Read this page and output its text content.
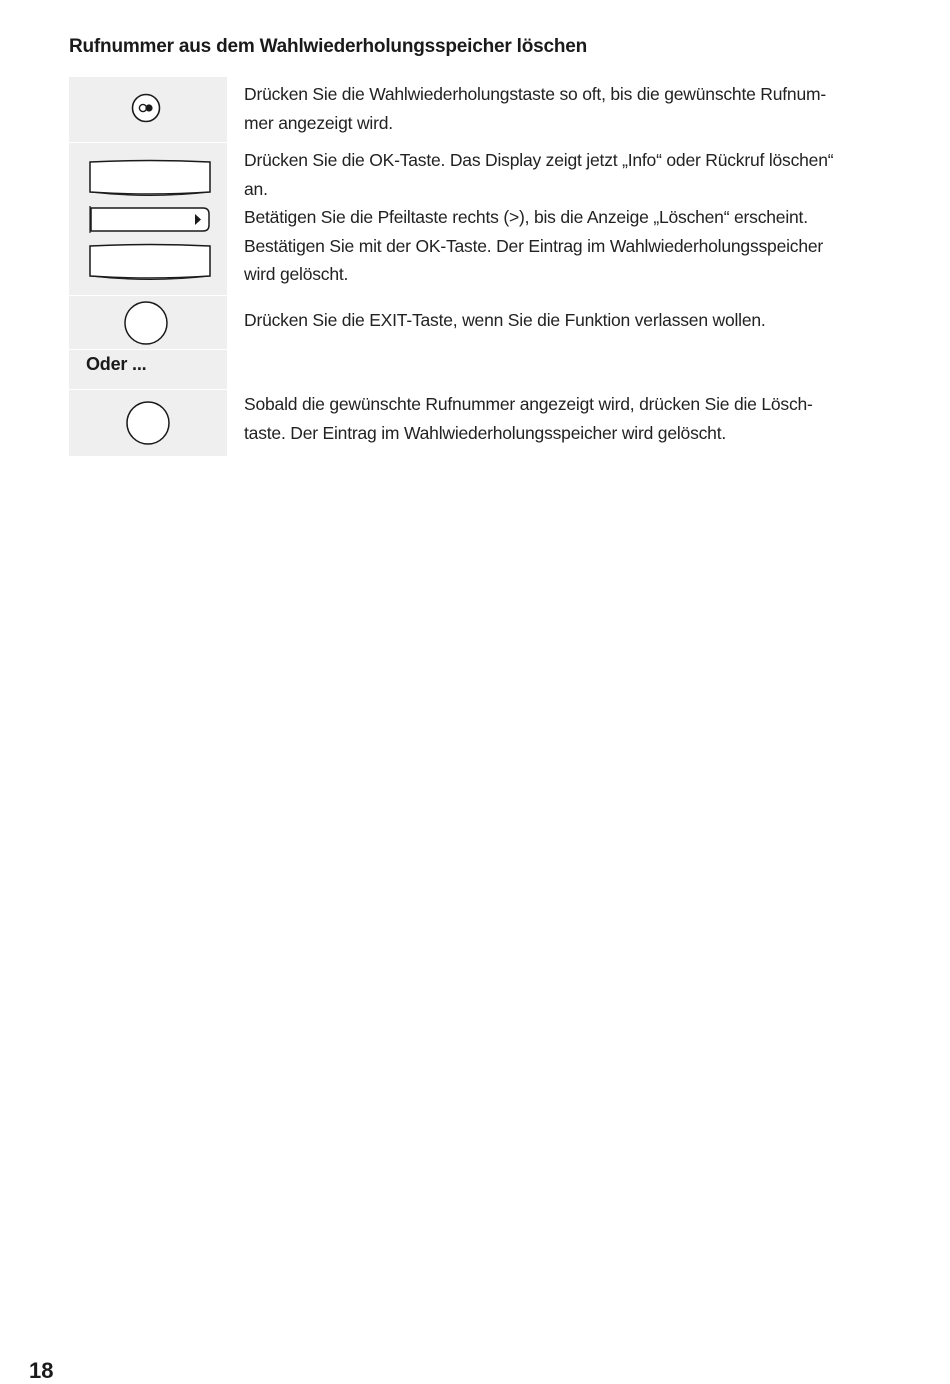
Rufnummer aus dem Wahlwiederholungsspeicher löschen
Drücken Sie die Wahlwiederholungstaste so oft, bis die gewünschte Rufnum-
mer angezeigt wird.
Drücken Sie die OK-Taste. Das Display zeigt jetzt „Info“ oder Rückruf löschen“
an.
Betätigen Sie die Pfeiltaste rechts (>), bis die Anzeige „Löschen“ erscheint.
Bestätigen Sie mit der OK-Taste. Der Eintrag im Wahlwiederholungsspeicher
wird gelöscht.
Drücken Sie die EXIT-Taste, wenn Sie die Funktion verlassen wollen.
Oder ...
Sobald die gewünschte Rufnummer angezeigt wird, drücken Sie die Lösch-
taste. Der Eintrag im Wahlwiederholungsspeicher wird gelöscht.
18
